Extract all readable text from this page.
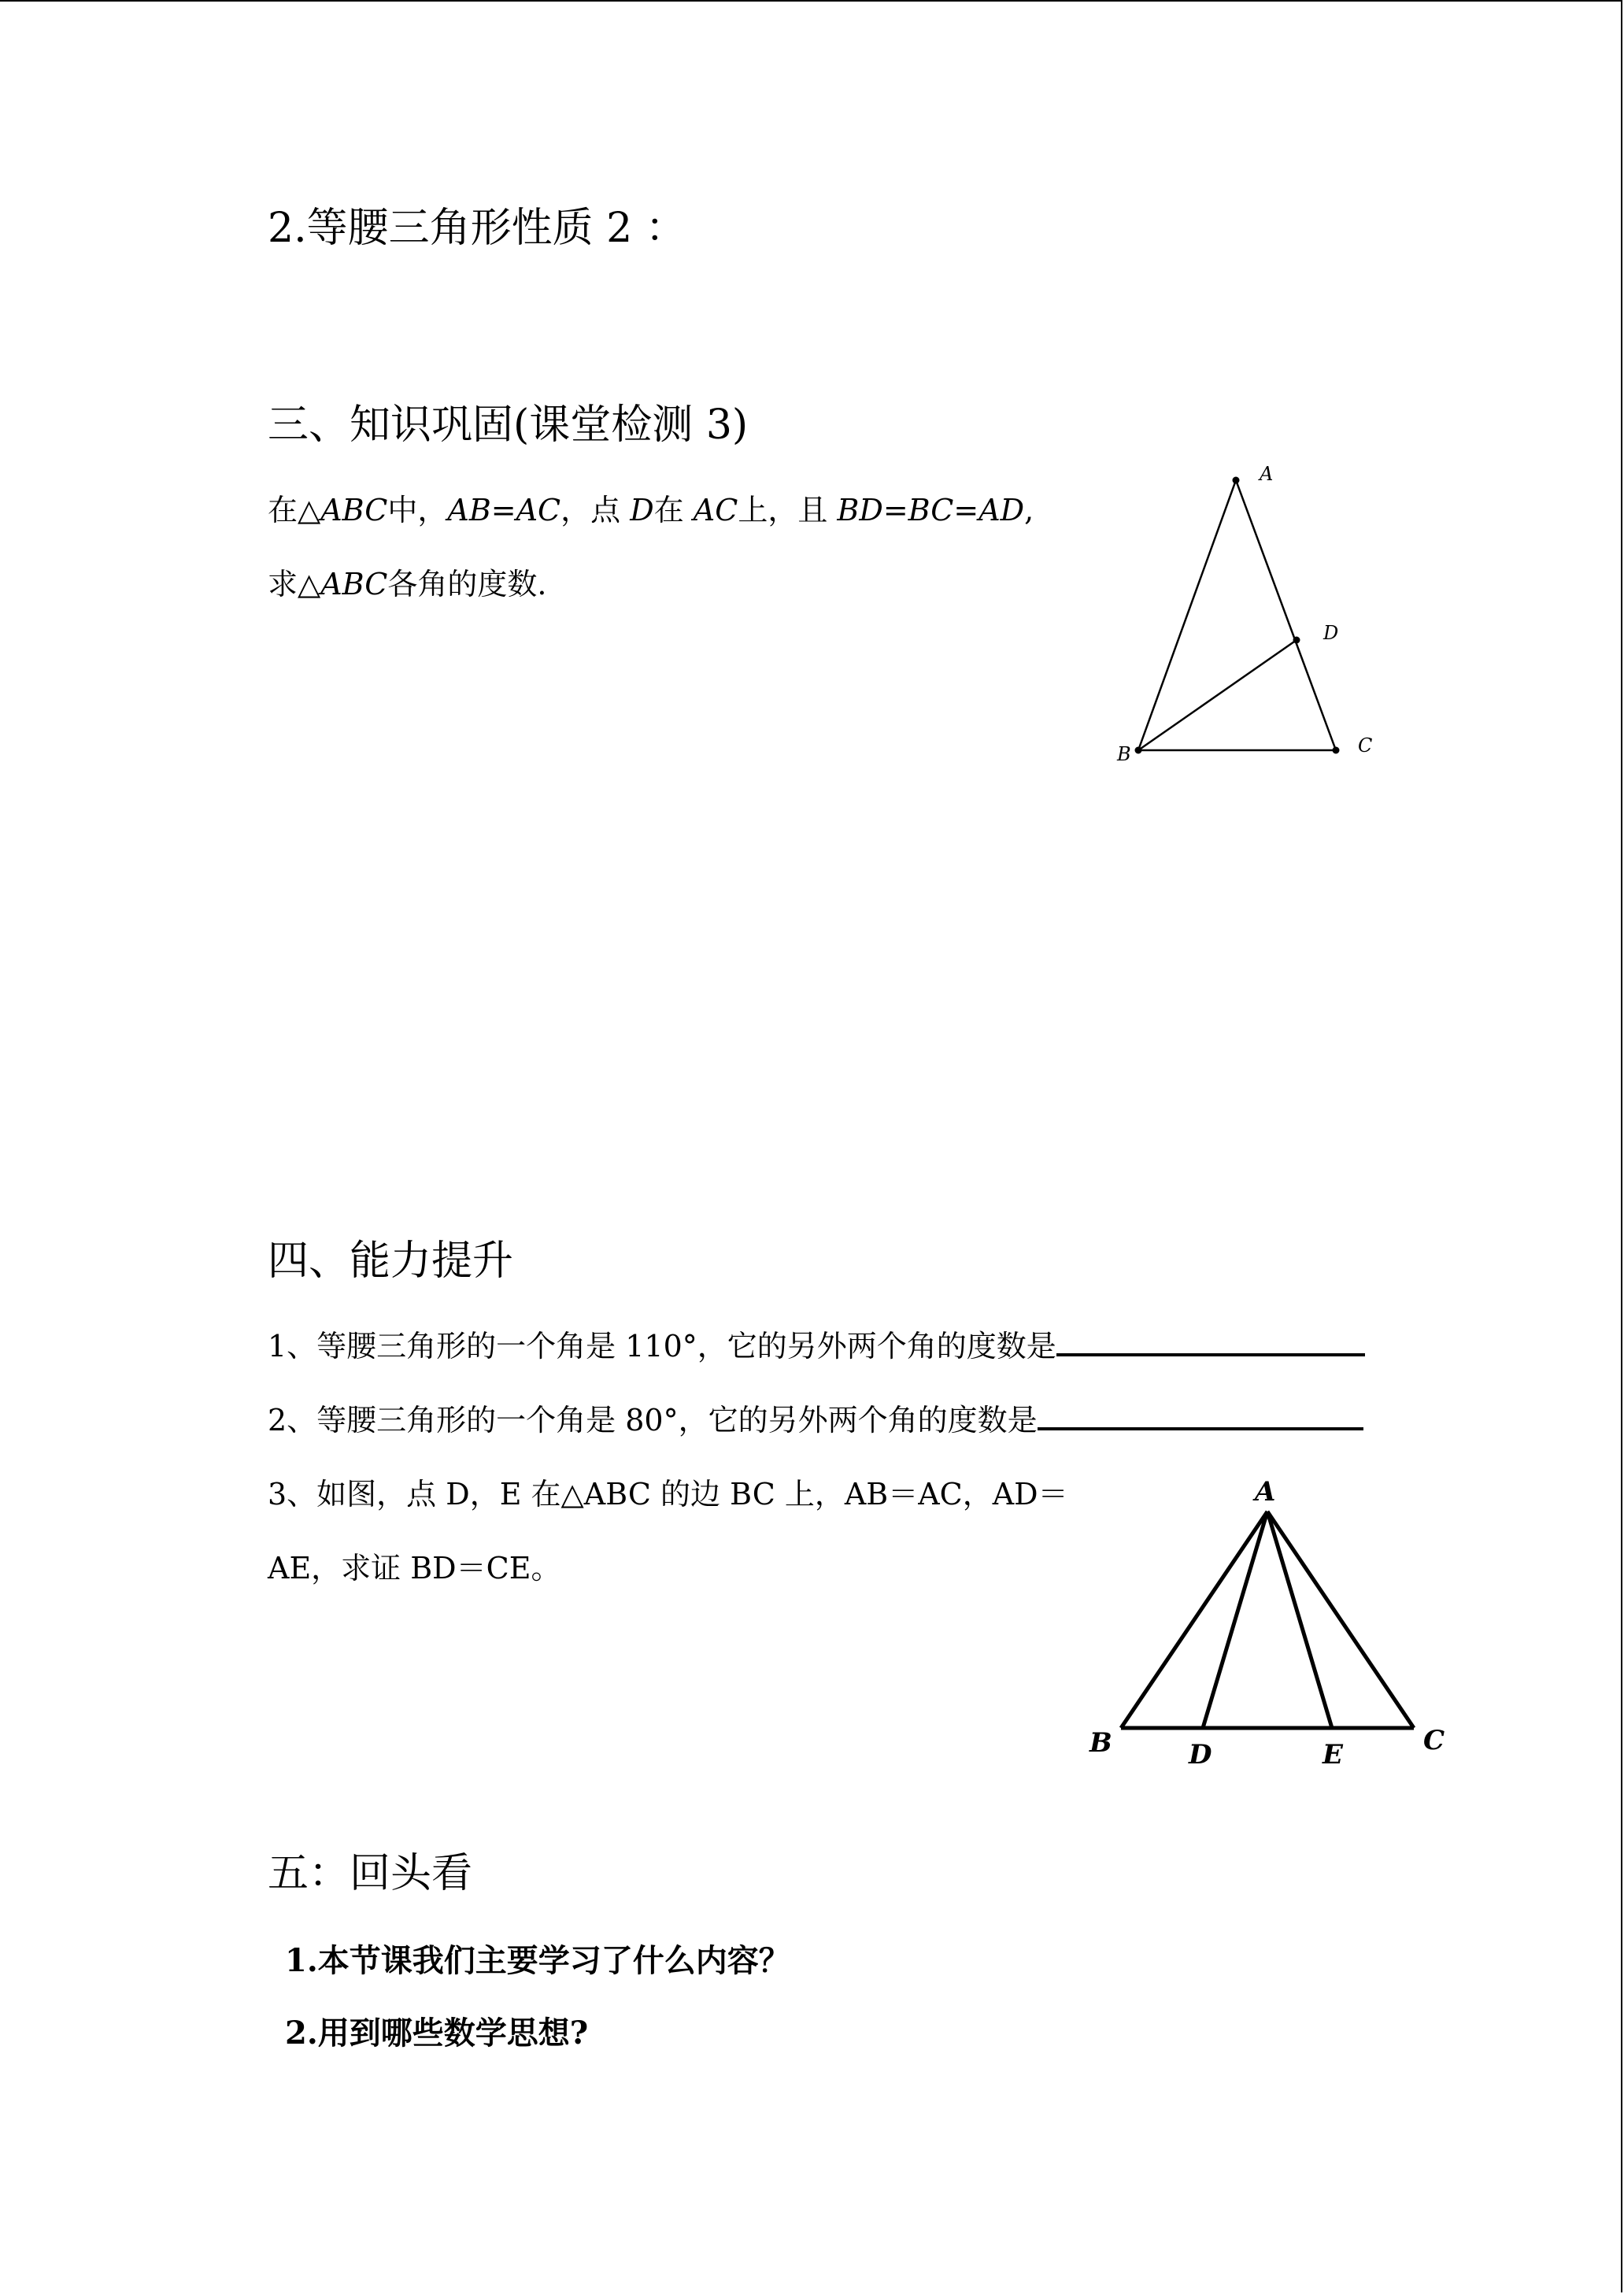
2.等腰三角形性质 2 ：
三、知识巩固(课堂检测 3)
在△ABC中，AB=AC，点 D在 AC上，且 BD=BC=AD,
求△ABC各角的度数.
A
B	C
D
四、能力提升
1、等腰三角形的一个角是 110°，它的另外两个角的度数是
2、等腰三角形的一个角是 80°，它的另外两个角的度数是
3、如图，点 D，E 在△ABC 的边 BC 上，AB＝AC，AD＝
AE，求证 BD＝CE。
A
B	C
D	E
五：回头看
1.本节课我们主要学习了什么内容？
2.用到哪些数学思想?
